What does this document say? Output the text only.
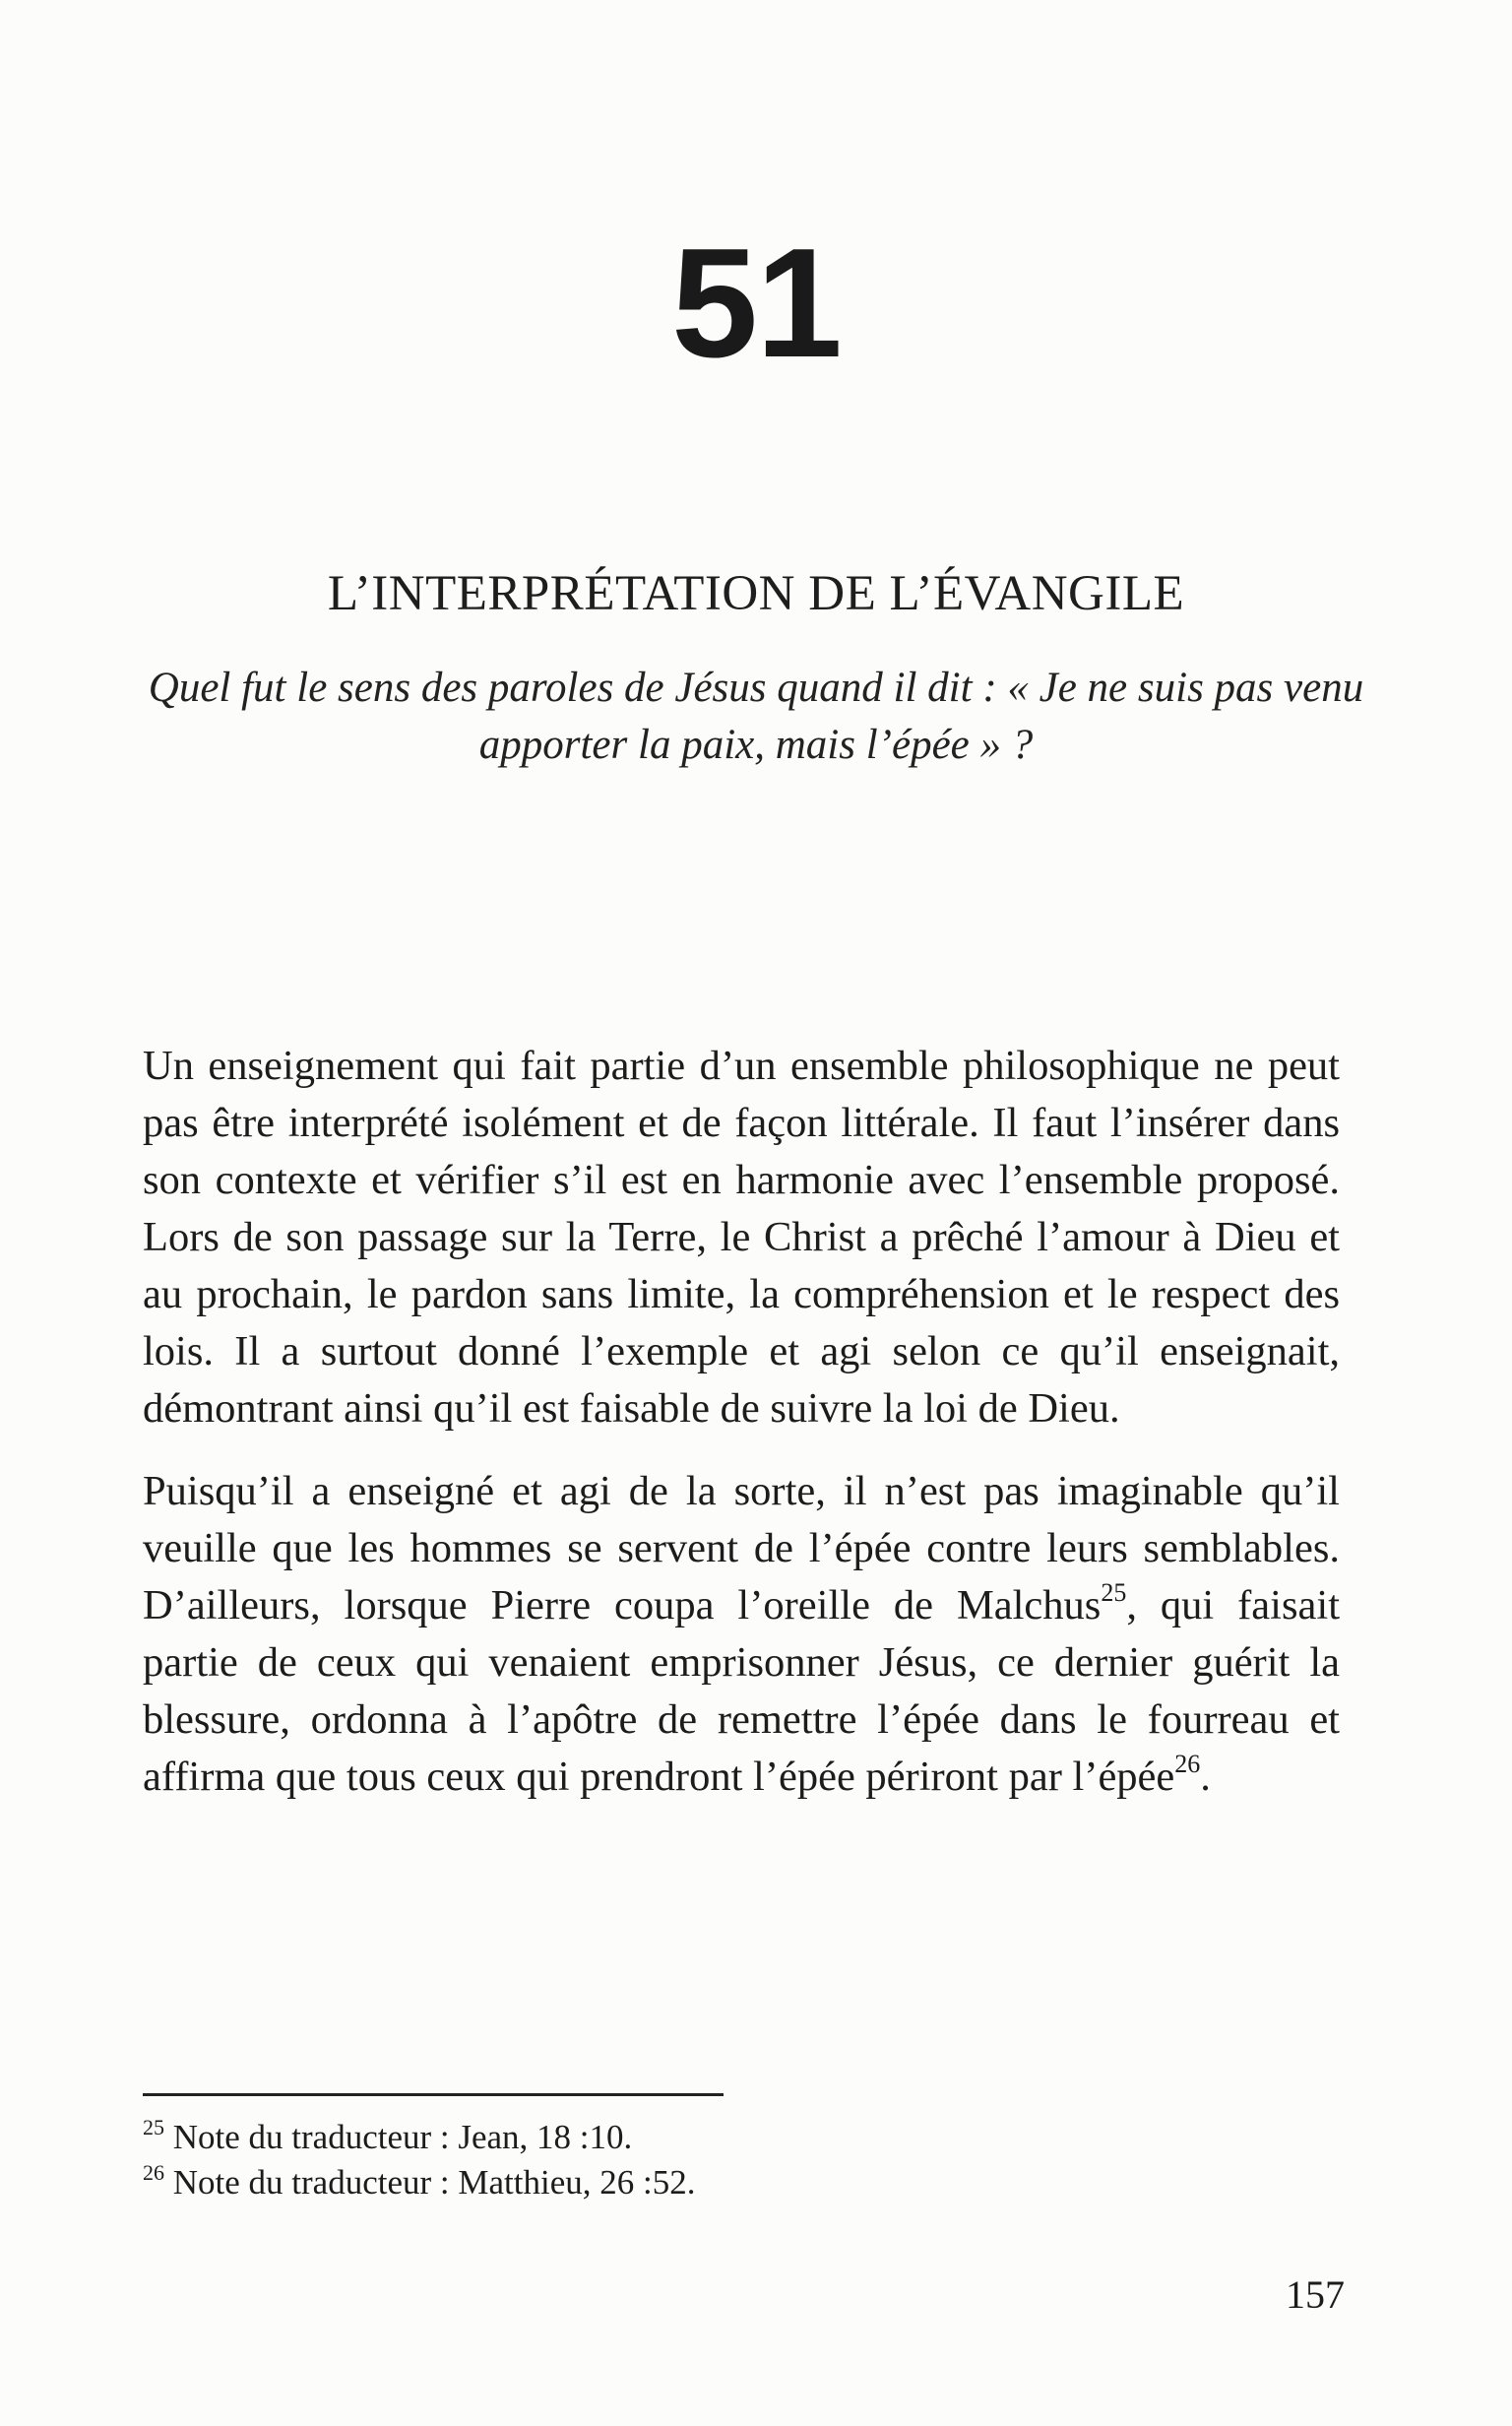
51
L’INTERPRÉTATION DE L’ÉVANGILE
Quel fut le sens des paroles de Jésus quand il dit : « Je ne suis pas venu apporter la paix, mais l’épée » ?

Un enseignement qui fait partie d’un ensemble philosophique ne peut pas être interprété isolément et de façon littérale. Il faut l’insérer dans son contexte et vérifier s’il est en harmonie avec l’ensemble proposé. Lors de son passage sur la Terre, le Christ a prêché l’amour à Dieu et au prochain, le pardon sans limite, la compréhension et le respect des lois. Il a surtout donné l’exemple et agi selon ce qu’il enseignait, démontrant ainsi qu’il est faisable de suivre la loi de Dieu.

Puisqu’il a enseigné et agi de la sorte, il n’est pas imaginable qu’il veuille que les hommes se servent de l’épée contre leurs semblables. D’ailleurs, lorsque Pierre coupa l’oreille de Malchus$^{25}$, qui faisait partie de ceux qui venaient emprisonner Jésus, ce dernier guérit la blessure, ordonna à l’apôtre de remettre l’épée dans le fourreau et affirma que tous ceux qui prendront l’épée périront par l’épée$^{26}$.

$^{25}$ Note du traducteur : Jean, 18 :10.

$^{26}$ Note du traducteur : Matthieu, 26 :52.

157
